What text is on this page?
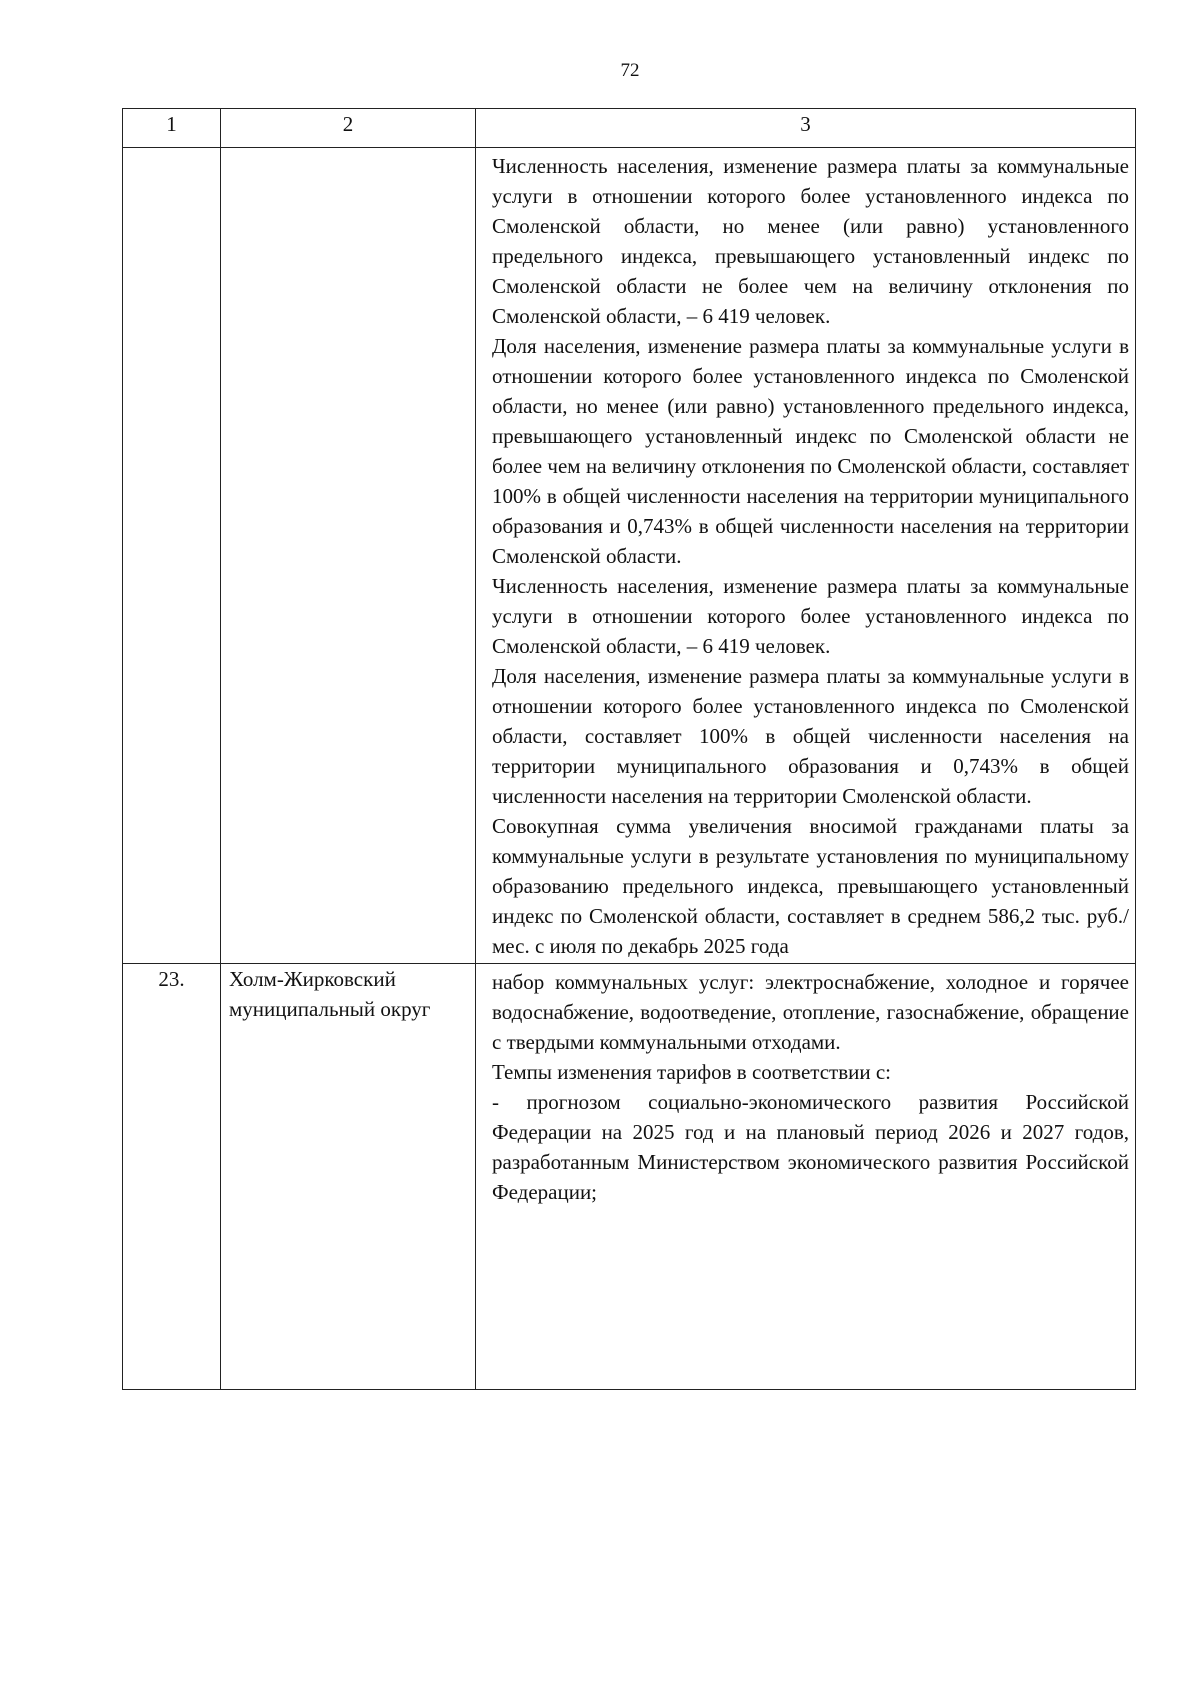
72
1	2	3

		Численность населения, изменение размера платы за коммунальные услуги в отношении которого более установленного индекса по Смоленской области, но менее (или равно) установленного предельного индекса, превышающего установленный индекс по Смоленской области не более чем на величину отклонения по Смоленской области, – 6 419 человек.

Доля населения, изменение размера платы за коммунальные услуги в отношении которого более установленного индекса по Смоленской области, но менее (или равно) установленного предельного индекса, превышающего установленный индекс по Смоленской области не более чем на величину отклонения по Смоленской области, составляет 100% в общей численности населения на территории муниципального образования и 0,743% в общей численности населения на территории Смоленской области.

Численность населения, изменение размера платы за коммунальные услуги в отношении которого более установленного индекса по Смоленской области, – 6 419 человек.

Доля населения, изменение размера платы за коммунальные услуги в отношении которого более установленного индекса по Смоленской области, составляет 100% в общей численности населения на территории муниципального образования и 0,743% в общей численности населения на территории Смоленской области.

Совокупная сумма увеличения вносимой гражданами платы за коммунальные услуги в результате установления по муниципальному образованию предельного индекса, превышающего установленный индекс по Смоленской области, составляет в среднем 586,2 тыс. руб./мес. с июля по декабрь 2025 года

23.	Холм-Жирковский муниципальный округ	набор коммунальных услуг: электроснабжение, холодное и горячее водоснабжение, водоотведение, отопление, газоснабжение, обращение с твердыми коммунальными отходами.

Темпы изменения тарифов в соответствии с:

- прогнозом социально-экономического развития Российской Федерации на 2025 год и на плановый период 2026 и 2027 годов, разработанным Министерством экономического развития Российской Федерации;
